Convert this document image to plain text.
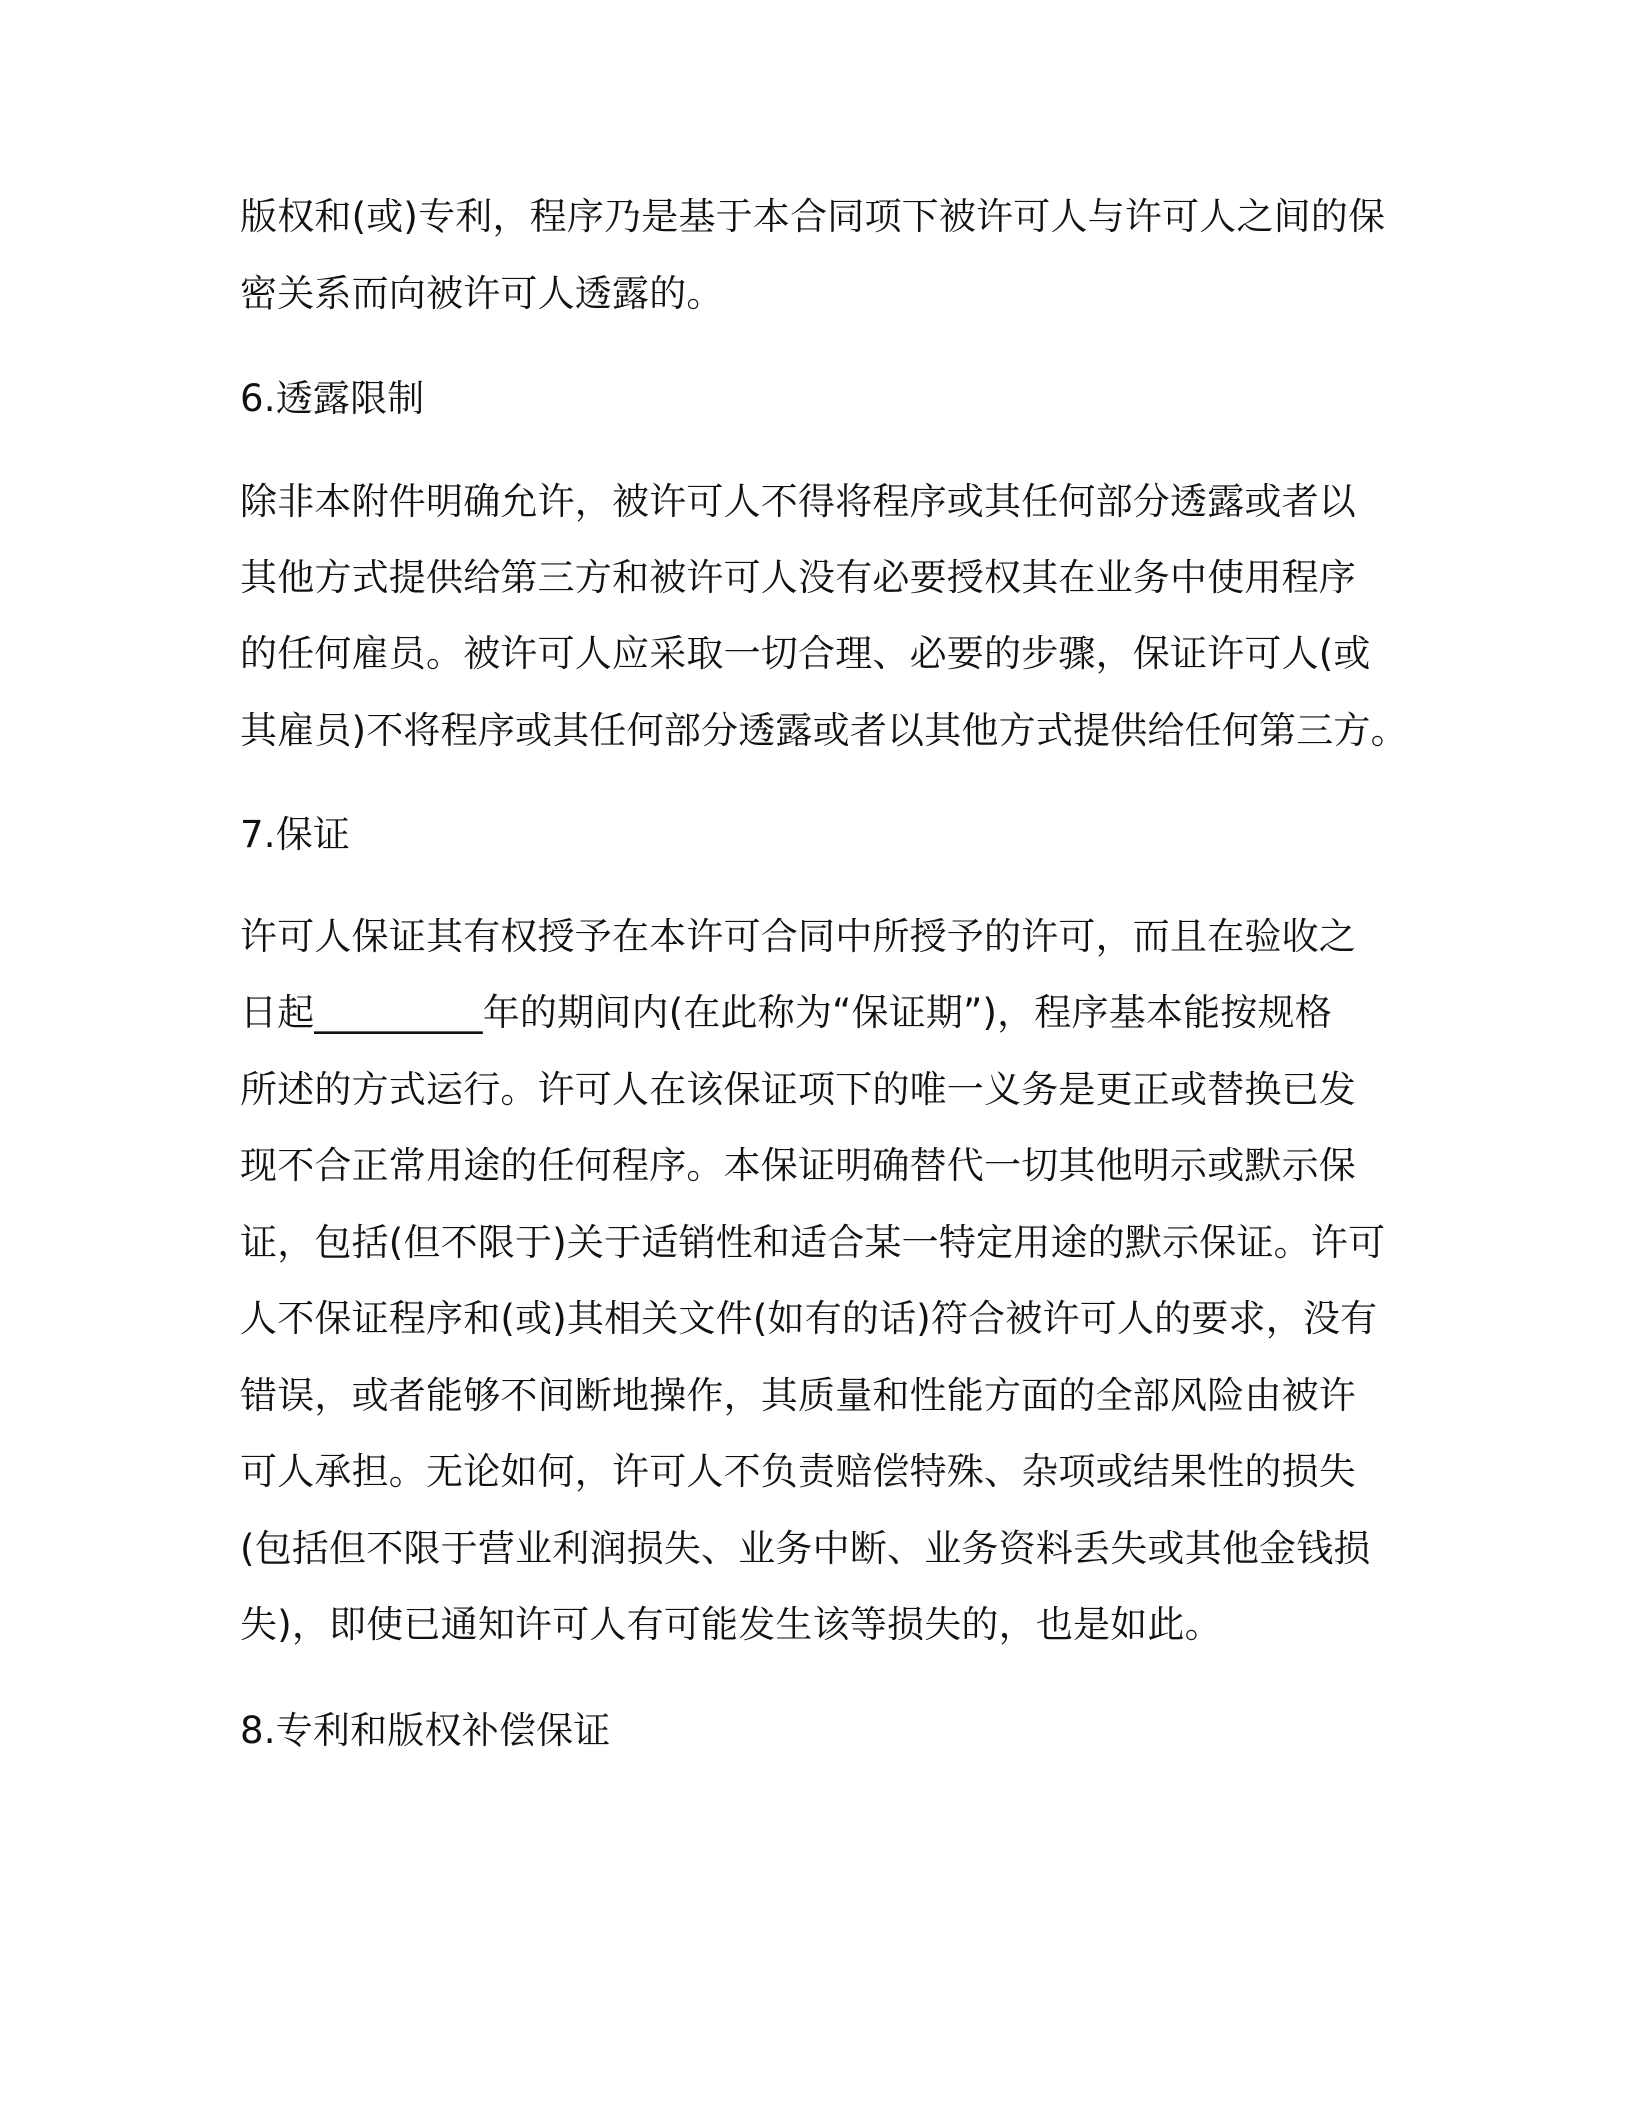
版权和(或)专利，程序乃是基于本合同项下被许可人与许可人之间的保

密关系而向被许可人透露的。

6.透露限制

除非本附件明确允许，被许可人不得将程序或其任何部分透露或者以

其他方式提供给第三方和被许可人没有必要授权其在业务中使用程序

的任何雇员。被许可人应采取一切合理、必要的步骤，保证许可人(或

其雇员)不将程序或其任何部分透露或者以其他方式提供给任何第三方。

7.保证

许可人保证其有权授予在本许可合同中所授予的许可，而且在验收之

日起_________年的期间内(在此称为“保证期”)，程序基本能按规格

所述的方式运行。许可人在该保证项下的唯一义务是更正或替换已发

现不合正常用途的任何程序。本保证明确替代一切其他明示或默示保

证，包括(但不限于)关于适销性和适合某一特定用途的默示保证。许可

人不保证程序和(或)其相关文件(如有的话)符合被许可人的要求，没有

错误，或者能够不间断地操作，其质量和性能方面的全部风险由被许

可人承担。无论如何，许可人不负责赔偿特殊、杂项或结果性的损失

(包括但不限于营业利润损失、业务中断、业务资料丢失或其他金钱损

失)，即使已通知许可人有可能发生该等损失的，也是如此。

8.专利和版权补偿保证
